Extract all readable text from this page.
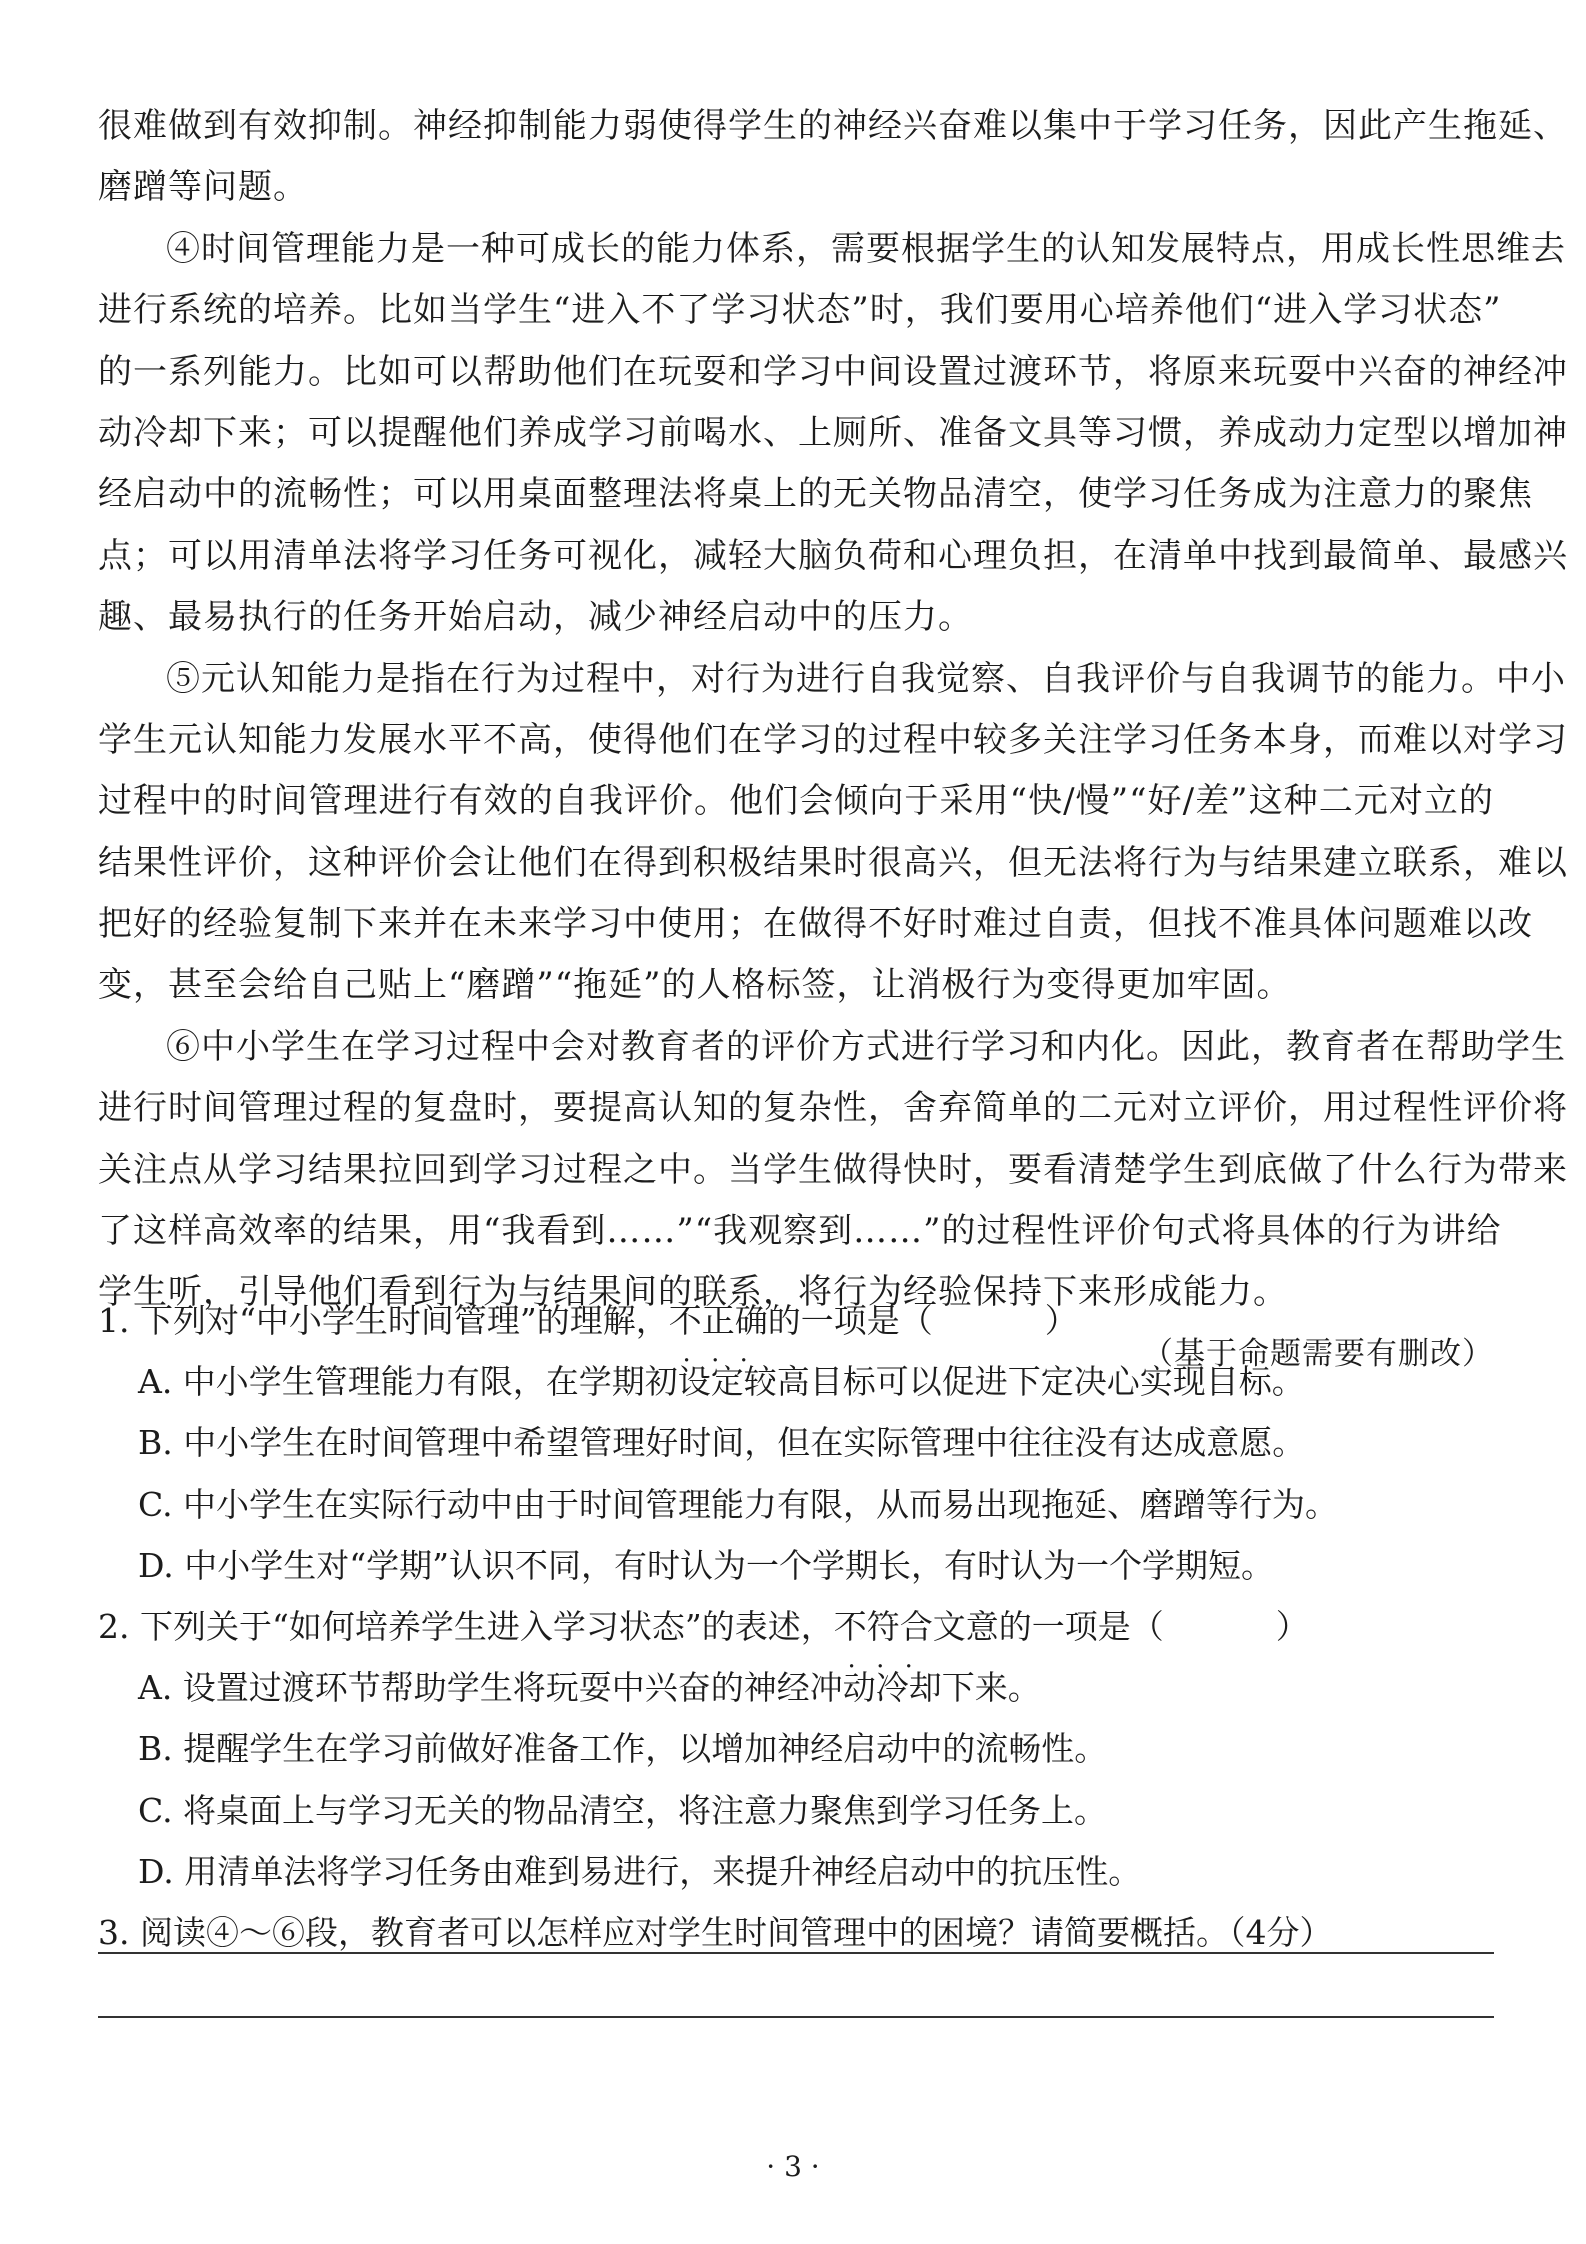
很难做到有效抑制。神经抑制能力弱使得学生的神经兴奋难以集中于学习任务，因此产生拖延、
磨蹭等问题。
④时间管理能力是一种可成长的能力体系，需要根据学生的认知发展特点，用成长性思维去
进行系统的培养。比如当学生“进入不了学习状态”时，我们要用心培养他们“进入学习状态”
的一系列能力。比如可以帮助他们在玩耍和学习中间设置过渡环节，将原来玩耍中兴奋的神经冲
动冷却下来；可以提醒他们养成学习前喝水、上厕所、准备文具等习惯，养成动力定型以增加神
经启动中的流畅性；可以用桌面整理法将桌上的无关物品清空，使学习任务成为注意力的聚焦
点；可以用清单法将学习任务可视化，减轻大脑负荷和心理负担，在清单中找到最简单、最感兴
趣、最易执行的任务开始启动，减少神经启动中的压力。
⑤元认知能力是指在行为过程中，对行为进行自我觉察、自我评价与自我调节的能力。中小
学生元认知能力发展水平不高，使得他们在学习的过程中较多关注学习任务本身，而难以对学习
过程中的时间管理进行有效的自我评价。他们会倾向于采用“快/慢”“好/差”这种二元对立的
结果性评价，这种评价会让他们在得到积极结果时很高兴，但无法将行为与结果建立联系，难以
把好的经验复制下来并在未来学习中使用；在做得不好时难过自责，但找不准具体问题难以改
变，甚至会给自己贴上“磨蹭”“拖延”的人格标签，让消极行为变得更加牢固。
⑥中小学生在学习过程中会对教育者的评价方式进行学习和内化。因此，教育者在帮助学生
进行时间管理过程的复盘时，要提高认知的复杂性，舍弃简单的二元对立评价，用过程性评价将
关注点从学习结果拉回到学习过程之中。当学生做得快时，要看清楚学生到底做了什么行为带来
了这样高效率的结果，用“我看到……”“我观察到……”的过程性评价句式将具体的行为讲给
学生听，引导他们看到行为与结果间的联系，将行为经验保持下来形成能力。
（基于命题需要有删改）
1. 下列对“中小学生时间管理”的理解，不正确 · · ·的一项是（	）
A. 中小学生管理能力有限，在学期初设定较高目标可以促进下定决心实现目标。
B. 中小学生在时间管理中希望管理好时间，但在实际管理中往往没有达成意愿。
C. 中小学生在实际行动中由于时间管理能力有限，从而易出现拖延、磨蹭等行为。
D. 中小学生对“学期”认识不同，有时认为一个学期长，有时认为一个学期短。
2. 下列关于“如何培养学生进入学习状态”的表述，不符合 · · ·文意的一项是（	）
A. 设置过渡环节帮助学生将玩耍中兴奋的神经冲动冷却下来。
B. 提醒学生在学习前做好准备工作，以增加神经启动中的流畅性。
C. 将桌面上与学习无关的物品清空，将注意力聚焦到学习任务上。
D. 用清单法将学习任务由难到易进行，来提升神经启动中的抗压性。
3. 阅读④～⑥段，教育者可以怎样应对学生时间管理中的困境？请简要概括。（4分）
· 3 ·
